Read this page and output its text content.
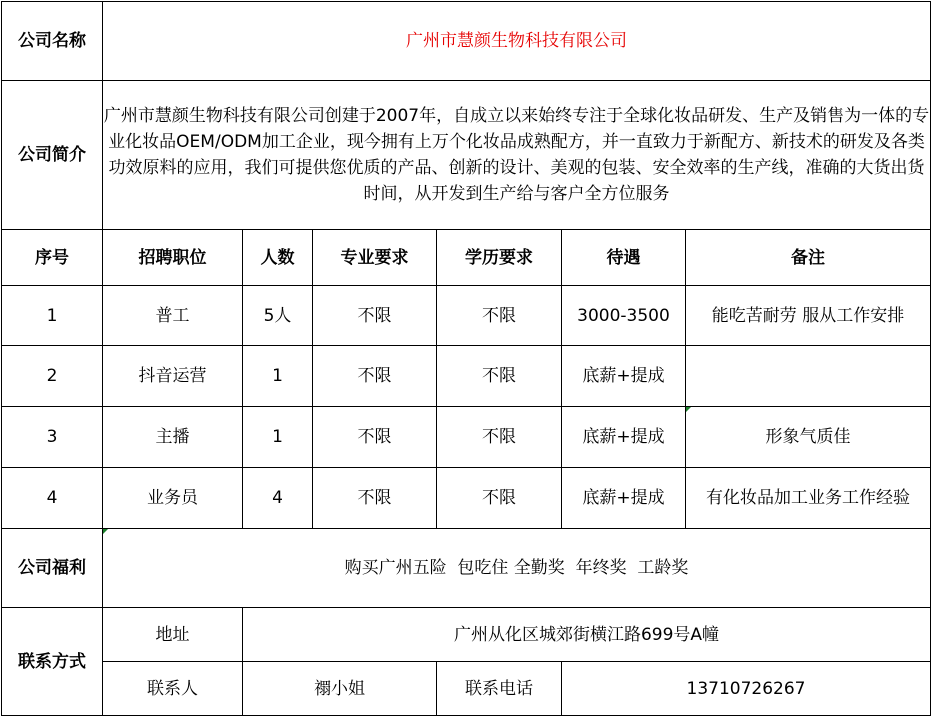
公司名称	广州市慧颜生物科技有限公司					
公司简介	广州市慧颜生物科技有限公司创建于2007年，自成立以来始终专注于全球化妆品研发、生产及销售为一体的专业化妆品OEM/ODM加工企业，现今拥有上万个化妆品成熟配方，并一直致力于新配方、新技术的研发及各类功效原料的应用，我们可提供您优质的产品、创新的设计、美观的包装、安全效率的生产线，准确的大货出货时间，从开发到生产给与客户全方位服务					
序号	招聘职位	人数	专业要求	学历要求	待遇	备注
1	普工	5人	不限	不限	3000-3500	能吃苦耐劳 服从工作安排
2	抖音运营	1	不限	不限	底薪+提成	
3	主播	1	不限	不限	底薪+提成	形象气质佳
4	业务员	4	不限	不限	底薪+提成	有化妆品加工业务工作经验
公司福利	购买广州五险  包吃住 全勤奖  年终奖  工龄奖					
联系方式	地址	广州从化区城郊街横江路699号A幢				
	联系人	禤小姐		联系电话	13710726267	
